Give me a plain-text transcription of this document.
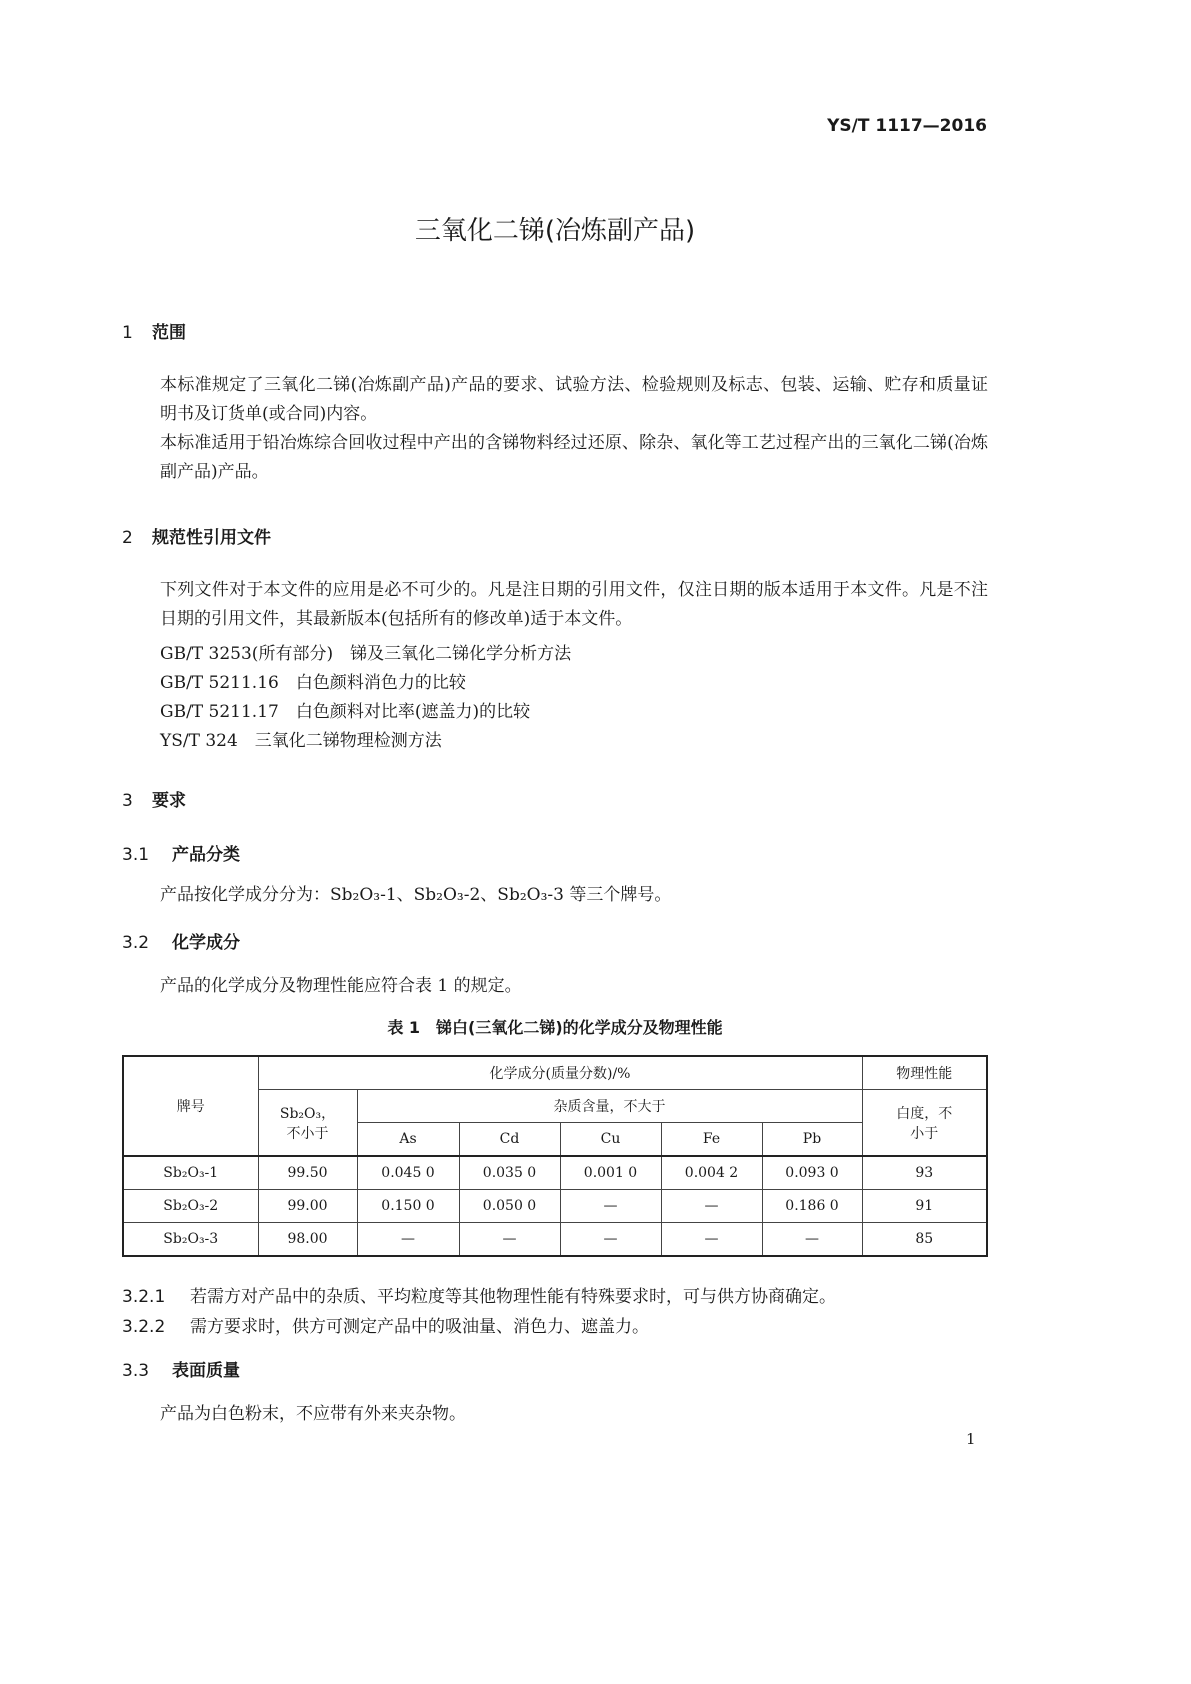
YS/T 1117—2016
三氧化二锑(冶炼副产品)
1 范围
本标准规定了三氧化二锑(冶炼副产品)产品的要求、试验方法、检验规则及标志、包装、运输、贮存和质量证明书及订货单(或合同)内容。
本标准适用于铅冶炼综合回收过程中产出的含锑物料经过还原、除杂、氧化等工艺过程产出的三氧化二锑(冶炼副产品)产品。
2 规范性引用文件
下列文件对于本文件的应用是必不可少的。凡是注日期的引用文件，仅注日期的版本适用于本文件。凡是不注日期的引用文件，其最新版本(包括所有的修改单)适于本文件。
GB/T 3253(所有部分)　锑及三氧化二锑化学分析方法
GB/T 5211.16　白色颜料消色力的比较
GB/T 5211.17　白色颜料对比率(遮盖力)的比较
YS/T 324　三氧化二锑物理检测方法
3 要求
3.1 产品分类
产品按化学成分分为：Sb₂O₃-1、Sb₂O₃-2、Sb₂O₃-3 等三个牌号。
3.2 化学成分
产品的化学成分及物理性能应符合表 1 的规定。
表 1　锑白(三氧化二锑)的化学成分及物理性能
牌号	化学成分(质量分数)/%						物理性能
	Sb₂O₃，不小于	杂质含量，不大于					白度，不小于
		As	Cd	Cu	Fe	Pb	
Sb₂O₃-1	99.50	0.045 0	0.035 0	0.001 0	0.004 2	0.093 0	93
Sb₂O₃-2	99.00	0.150 0	0.050 0	—	—	0.186 0	91
Sb₂O₃-3	98.00	—	—	—	—	—	85
3.2.1 若需方对产品中的杂质、平均粒度等其他物理性能有特殊要求时，可与供方协商确定。
3.2.2 需方要求时，供方可测定产品中的吸油量、消色力、遮盖力。
3.3 表面质量
产品为白色粉末，不应带有外来夹杂物。
1
